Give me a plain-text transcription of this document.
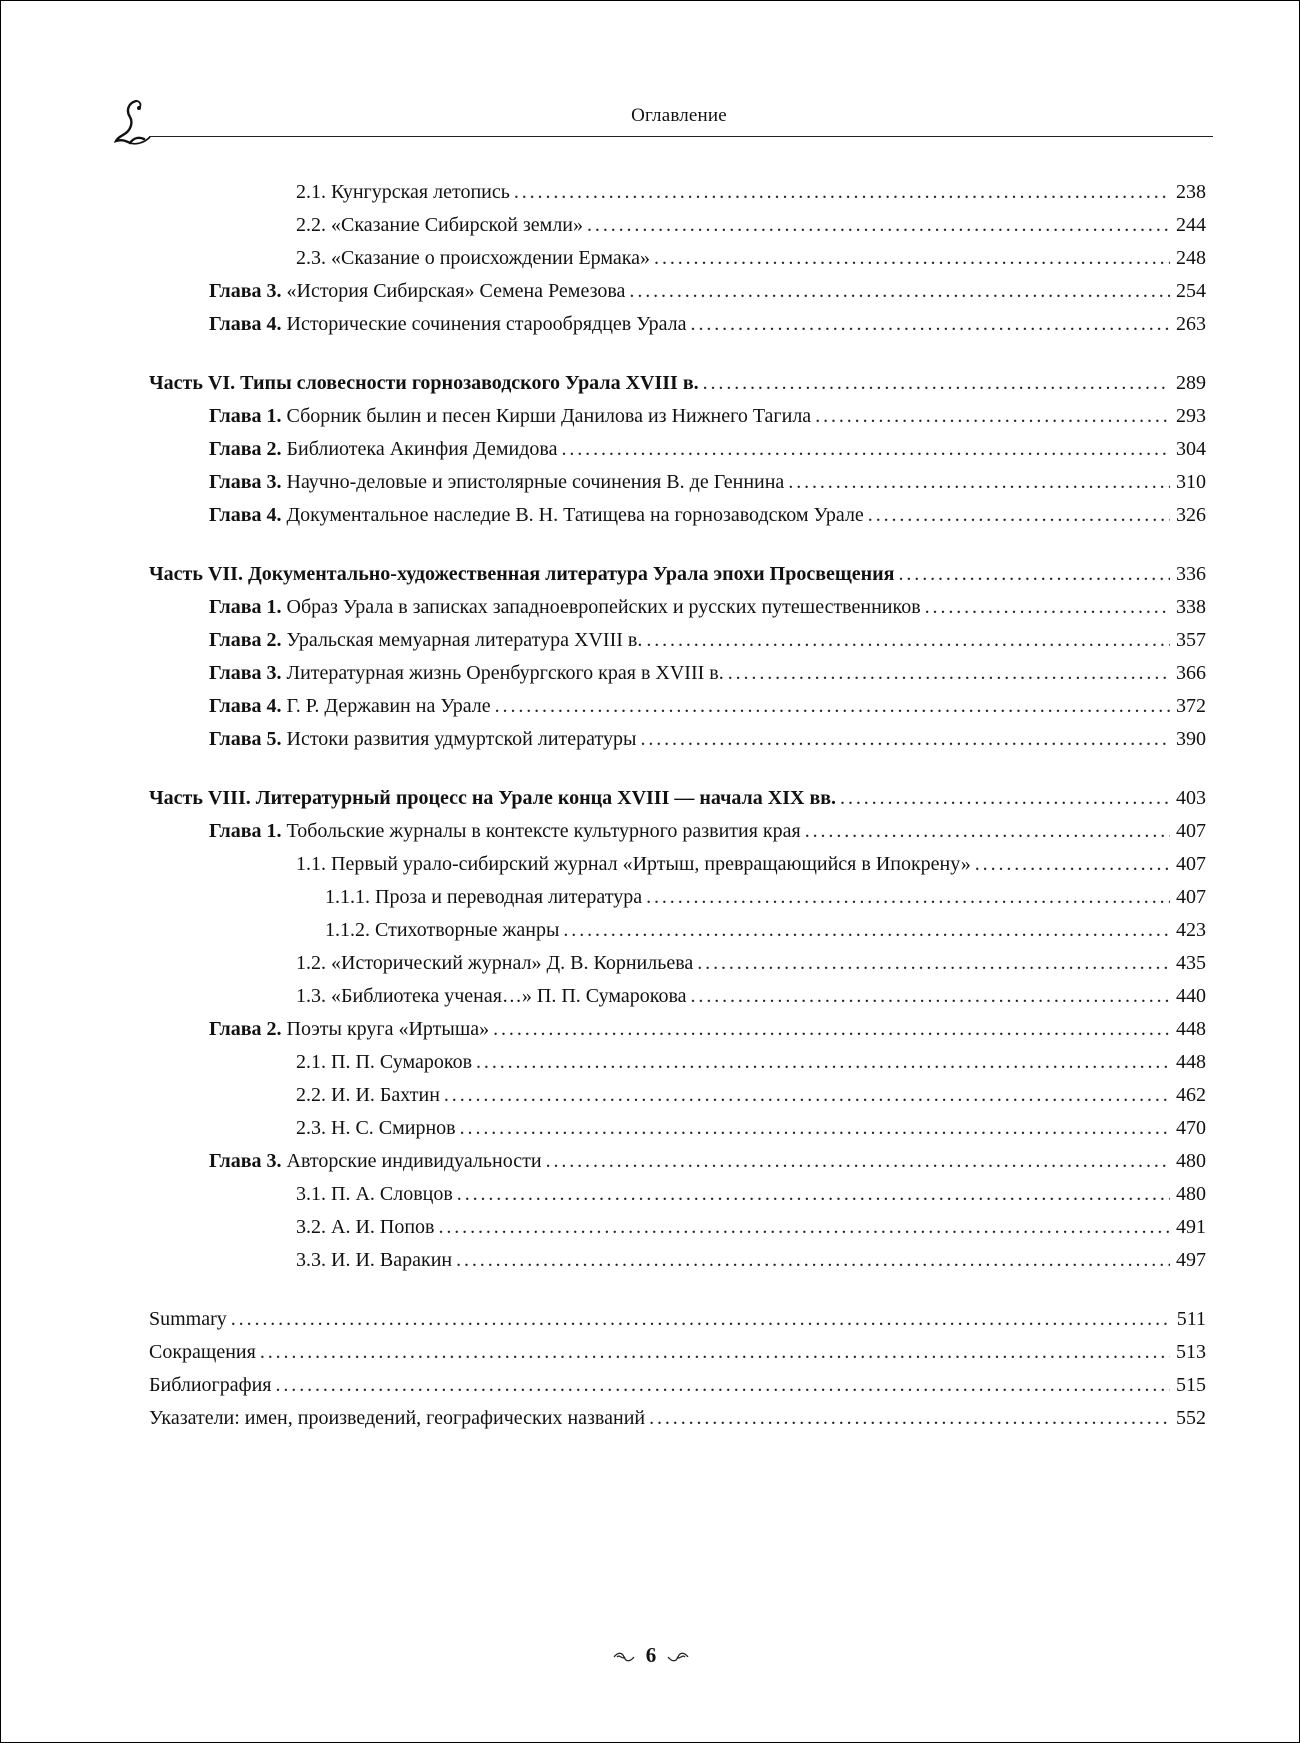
Оглавление
2.1. Кунгурская летопись .....	238
2.2. «Сказание Сибирской земли» .....	244
2.3. «Сказание о происхождении Ермака» .....	248
Глава 3. «История Сибирская» Семена Ремезова .....	254
Глава 4. Исторические сочинения старообрядцев Урала .....	263
Часть VI. Типы словесности горнозаводского Урала XVIII в. .....	289
Глава 1. Сборник былин и песен Кирши Данилова из Нижнего Тагила .....	293
Глава 2. Библиотека Акинфия Демидова .....	304
Глава 3. Научно-деловые и эпистолярные сочинения В. де Геннина .....	310
Глава 4. Документальное наследие В. Н. Татищева на горнозаводском Урале .....	326
Часть VII. Документально-художественная литература Урала эпохи Просвещения .....	336
Глава 1. Образ Урала в записках западноевропейских и русских путешественников .....	338
Глава 2. Уральская мемуарная литература XVIII в. .....	357
Глава 3. Литературная жизнь Оренбургского края в XVIII в. .....	366
Глава 4. Г. Р. Державин на Урале .....	372
Глава 5. Истоки развития удмуртской литературы .....	390
Часть VIII. Литературный процесс на Урале конца XVIII — начала XIX вв. .....	403
Глава 1. Тобольские журналы в контексте культурного развития края .....	407
1.1. Первый урало-сибирский журнал «Иртыш, превращающийся в Ипокрену» .....	407
1.1.1. Проза и переводная литература .....	407
1.1.2. Стихотворные жанры .....	423
1.2. «Исторический журнал» Д. В. Корнильева .....	435
1.3. «Библиотека ученая…» П. П. Сумарокова .....	440
Глава 2. Поэты круга «Иртыша» .....	448
2.1. П. П. Сумароков .....	448
2.2. И. И. Бахтин .....	462
2.3. Н. С. Смирнов .....	470
Глава 3. Авторские индивидуальности .....	480
3.1. П. А. Словцов .....	480
3.2. А. И. Попов .....	491
3.3. И. И. Варакин .....	497
Summary .....	511
Сокращения .....	513
Библиография .....	515
Указатели: имен, произведений, географических названий .....	552
6
